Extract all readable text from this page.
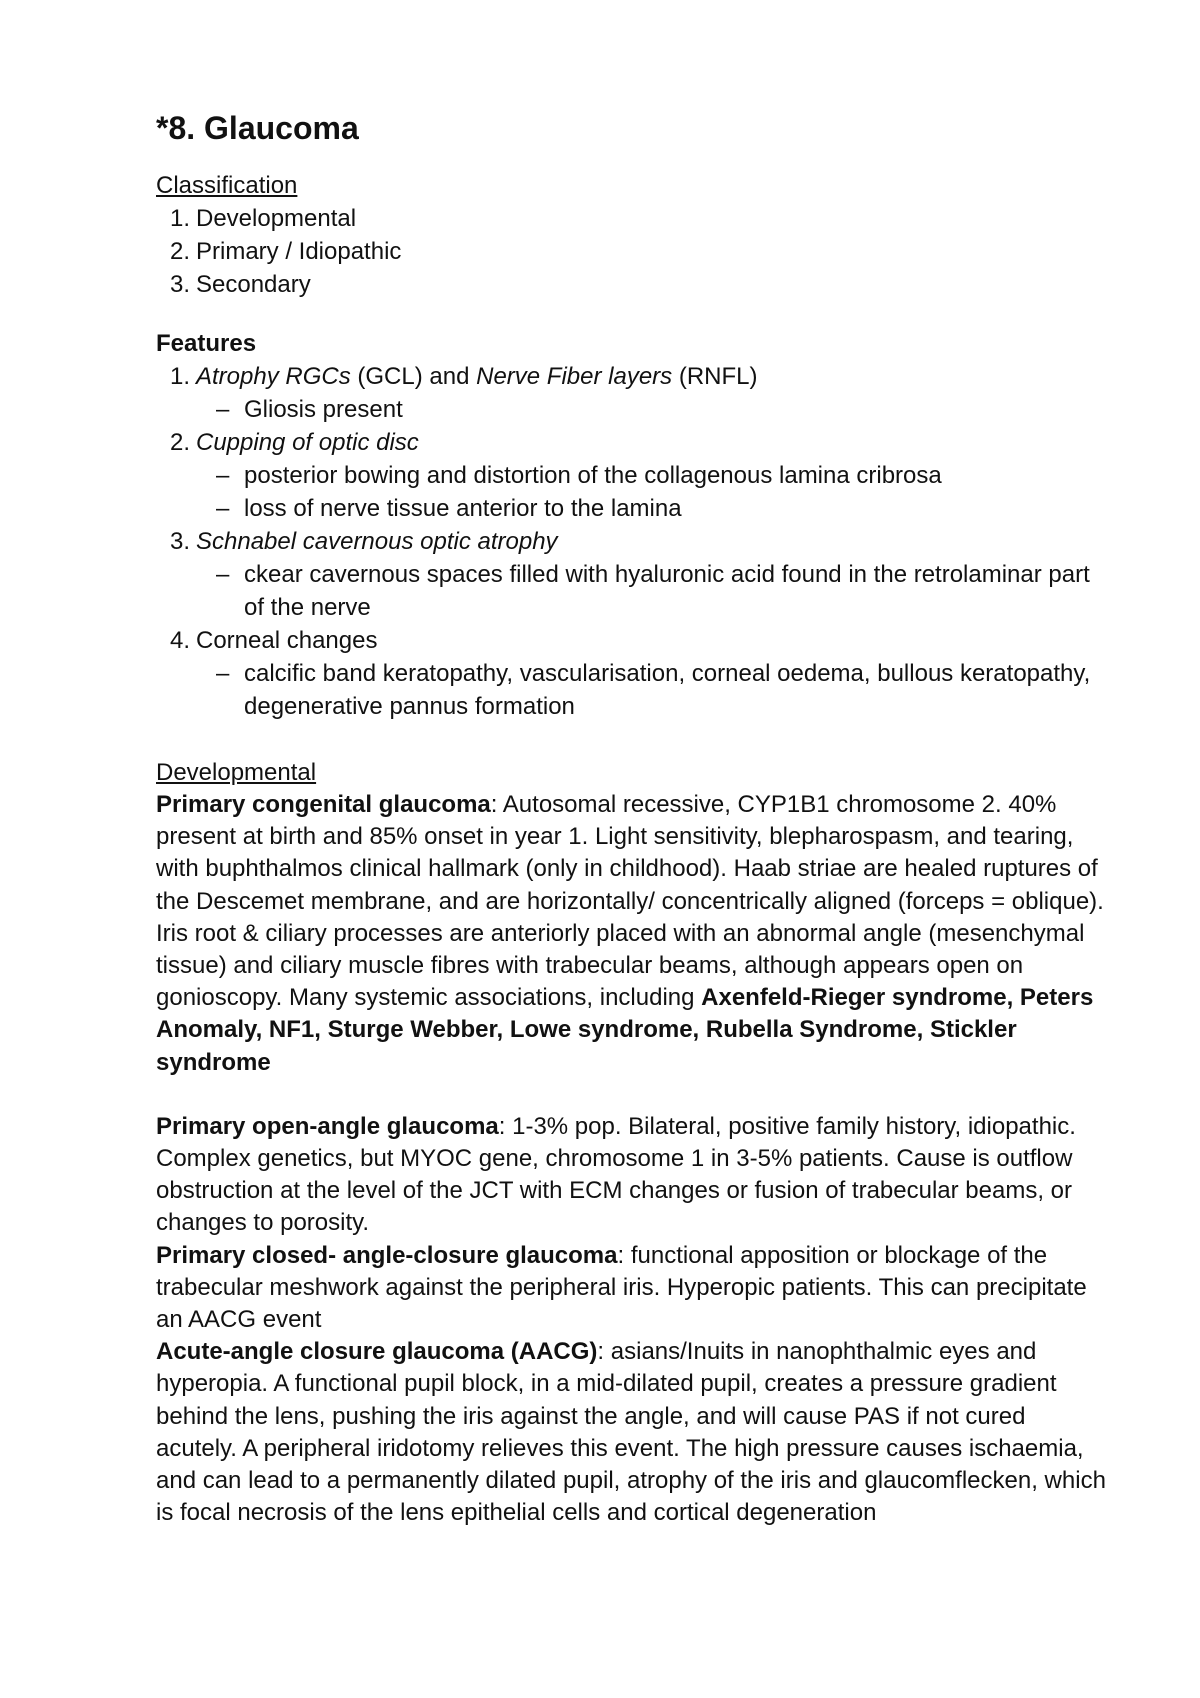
*8. Glaucoma

Classification

1. Developmental

2. Primary / Idiopathic

3. Secondary

Features

1. Atrophy RGCs (GCL) and Nerve Fiber layers (RNFL)

– Gliosis present

2. Cupping of optic disc

– posterior bowing and distortion of the collagenous lamina cribrosa

– loss of nerve tissue anterior to the lamina

3. Schnabel cavernous optic atrophy

– ckear cavernous spaces filled with hyaluronic acid found in the retrolaminar part of the nerve

4. Corneal changes

– calcific band keratopathy, vascularisation, corneal oedema, bullous keratopathy, degenerative pannus formation

Developmental

Primary congenital glaucoma: Autosomal recessive, CYP1B1 chromosome 2. 40% present at birth and 85% onset in year 1. Light sensitivity, blepharospasm, and tearing, with buphthalmos clinical hallmark (only in childhood). Haab striae are healed ruptures of the Descemet membrane, and are horizontally/ concentrically aligned (forceps = oblique). Iris root & ciliary processes are anteriorly placed with an abnormal angle (mesenchymal tissue) and ciliary muscle fibres with trabecular beams, although appears open on gonioscopy. Many systemic associations, including Axenfeld-Rieger syndrome, Peters Anomaly, NF1, Sturge Webber, Lowe syndrome, Rubella Syndrome, Stickler syndrome

Primary open-angle glaucoma: 1-3% pop. Bilateral, positive family history, idiopathic. Complex genetics, but MYOC gene, chromosome 1 in 3-5% patients. Cause is outflow obstruction at the level of the JCT with ECM changes or fusion of trabecular beams, or changes to porosity.

Primary closed- angle-closure glaucoma: functional apposition or blockage of the trabecular meshwork against the peripheral iris. Hyperopic patients. This can precipitate an AACG event

Acute-angle closure glaucoma (AACG): asians/Inuits in nanophthalmic eyes and hyperopia. A functional pupil block, in a mid-dilated pupil, creates a pressure gradient behind the lens, pushing the iris against the angle, and will cause PAS if not cured acutely. A peripheral iridotomy relieves this event. The high pressure causes ischaemia, and can lead to a permanently dilated pupil, atrophy of the iris and glaucomflecken, which is focal necrosis of the lens epithelial cells and cortical degeneration
